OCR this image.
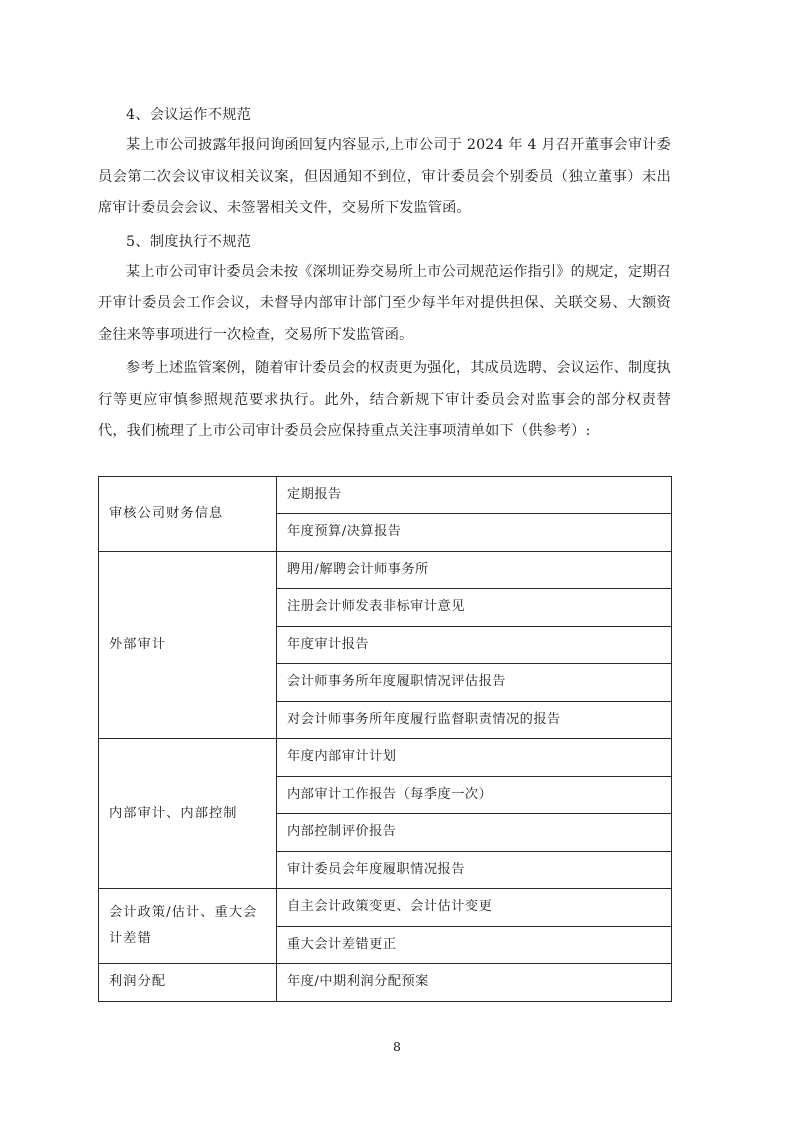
4、会议运作不规范

某上市公司披露年报问询函回复内容显示,上市公司于 2024 年 4 月召开董事会审计委员会第二次会议审议相关议案，但因通知不到位，审计委员会个别委员（独立董事）未出席审计委员会会议、未签署相关文件，交易所下发监管函。

5、制度执行不规范

某上市公司审计委员会未按《深圳证券交易所上市公司规范运作指引》的规定，定期召开审计委员会工作会议，未督导内部审计部门至少每半年对提供担保、关联交易、大额资金往来等事项进行一次检查，交易所下发监管函。

参考上述监管案例，随着审计委员会的权责更为强化，其成员选聘、会议运作、制度执行等更应审慎参照规范要求执行。此外，结合新规下审计委员会对监事会的部分权责替代，我们梳理了上市公司审计委员会应保持重点关注事项清单如下（供参考）:

审核公司财务信息	定期报告
	年度预算/决算报告
外部审计	聘用/解聘会计师事务所
	注册会计师发表非标审计意见
	年度审计报告
	会计师事务所年度履职情况评估报告
	对会计师事务所年度履行监督职责情况的报告
内部审计、内部控制	年度内部审计计划
	内部审计工作报告（每季度一次）
	内部控制评价报告
	审计委员会年度履职情况报告
会计政策/估计、重大会计差错	自主会计政策变更、会计估计变更
	重大会计差错更正
利润分配	年度/中期利润分配预案
8
